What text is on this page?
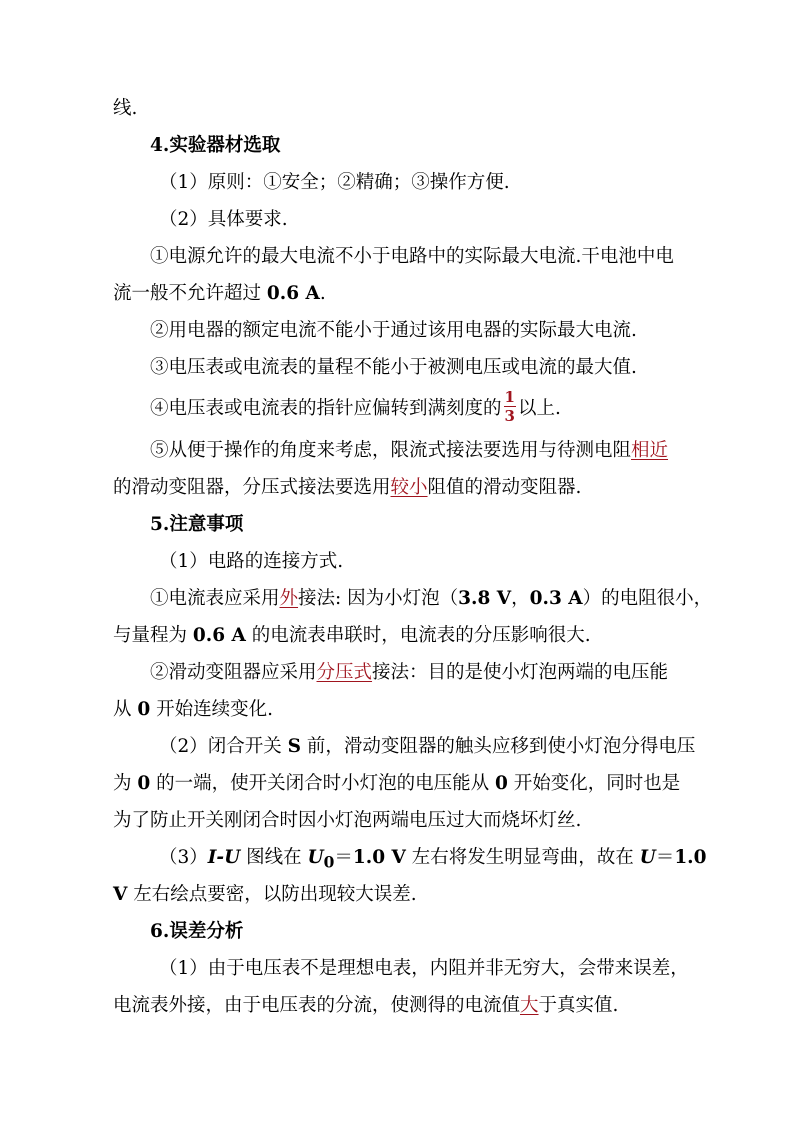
线.
4.实验器材选取
（1）原则：①安全；②精确；③操作方便.
（2）具体要求.
①电源允许的最大电流不小于电路中的实际最大电流.干电池中电
流一般不允许超过 0.6 A.
②用电器的额定电流不能小于通过该用电器的实际最大电流.
③电压表或电流表的量程不能小于被测电压或电流的最大值.
④电压表或电流表的指针应偏转到满刻度的 $\frac{1}{3}$ 以上.
⑤从便于操作的角度来考虑，限流式接法要选用与待测电阻相近
的滑动变阻器，分压式接法要选用较小阻值的滑动变阻器.
5.注意事项
（1）电路的连接方式.
①电流表应采用外接法: 因为小灯泡（3.8 V，0.3 A）的电阻很小，
与量程为 0.6 A 的电流表串联时，电流表的分压影响很大.
②滑动变阻器应采用分压式接法：目的是使小灯泡两端的电压能
从 0 开始连续变化.
（2）闭合开关 S 前，滑动变阻器的触头应移到使小灯泡分得电压
为 0 的一端，使开关闭合时小灯泡的电压能从 0 开始变化，同时也是
为了防止开关刚闭合时因小灯泡两端电压过大而烧坏灯丝.
（3）I-U 图线在 $U_0=1.0$ V 左右将发生明显弯曲，故在 U＝1.0
V 左右绘点要密，以防出现较大误差.
6.误差分析
（1）由于电压表不是理想电表，内阻并非无穷大，会带来误差，
电流表外接，由于电压表的分流，使测得的电流值大于真实值.
